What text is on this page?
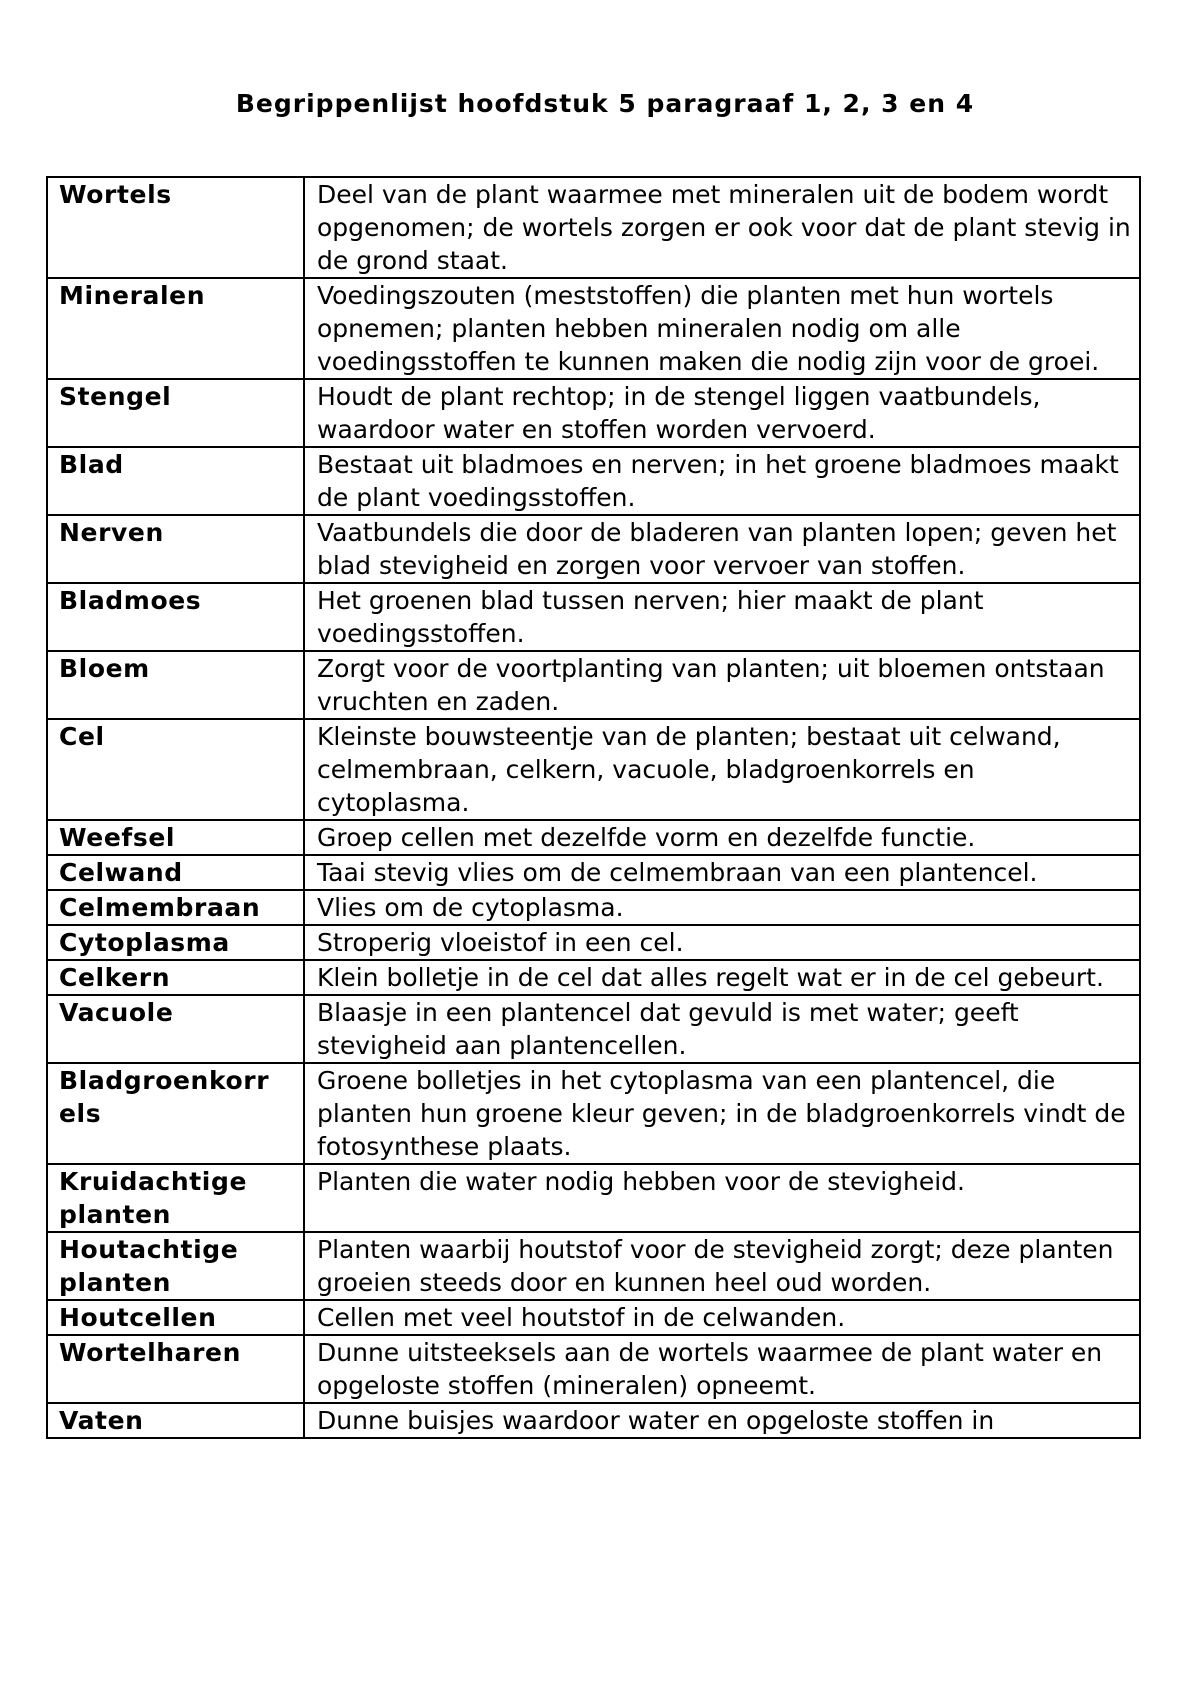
Begrippenlijst hoofdstuk 5 paragraaf 1, 2, 3 en 4
Wortels	Deel van de plant waarmee met mineralen uit de bodem wordt opgenomen; de wortels zorgen er ook voor dat de plant stevig in de grond staat.
Mineralen	Voedingszouten (meststoffen) die planten met hun wortels opnemen; planten hebben mineralen nodig om alle voedingsstoffen te kunnen maken die nodig zijn voor de groei.
Stengel	Houdt de plant rechtop; in de stengel liggen vaatbundels, waardoor water en stoffen worden vervoerd.
Blad	Bestaat uit bladmoes en nerven; in het groene bladmoes maakt de plant voedingsstoffen.
Nerven	Vaatbundels die door de bladeren van planten lopen; geven het blad stevigheid en zorgen voor vervoer van stoffen.
Bladmoes	Het groenen blad tussen nerven; hier maakt de plant voedingsstoffen.
Bloem	Zorgt voor de voortplanting van planten; uit bloemen ontstaan vruchten en zaden.
Cel	Kleinste bouwsteentje van de planten; bestaat uit celwand, celmembraan, celkern, vacuole, bladgroenkorrels en cytoplasma.
Weefsel	Groep cellen met dezelfde vorm en dezelfde functie.
Celwand	Taai stevig vlies om de celmembraan van een plantencel.
Celmembraan	Vlies om de cytoplasma.
Cytoplasma	Stroperig vloeistof in een cel.
Celkern	Klein bolletje in de cel dat alles regelt wat er in de cel gebeurt.
Vacuole	Blaasje in een plantencel dat gevuld is met water; geeft stevigheid aan plantencellen.
Bladgroenkorr els	Groene bolletjes in het cytoplasma van een plantencel, die planten hun groene kleur geven; in de bladgroenkorrels vindt de fotosynthese plaats.
Kruidachtige planten	Planten die water nodig hebben voor de stevigheid.
Houtachtige planten	Planten waarbij houtstof voor de stevigheid zorgt; deze planten groeien steeds door en kunnen heel oud worden.
Houtcellen	Cellen met veel houtstof in de celwanden.
Wortelharen	Dunne uitsteeksels aan de wortels waarmee de plant water en opgeloste stoffen (mineralen) opneemt.
Vaten	Dunne buisjes waardoor water en opgeloste stoffen in
